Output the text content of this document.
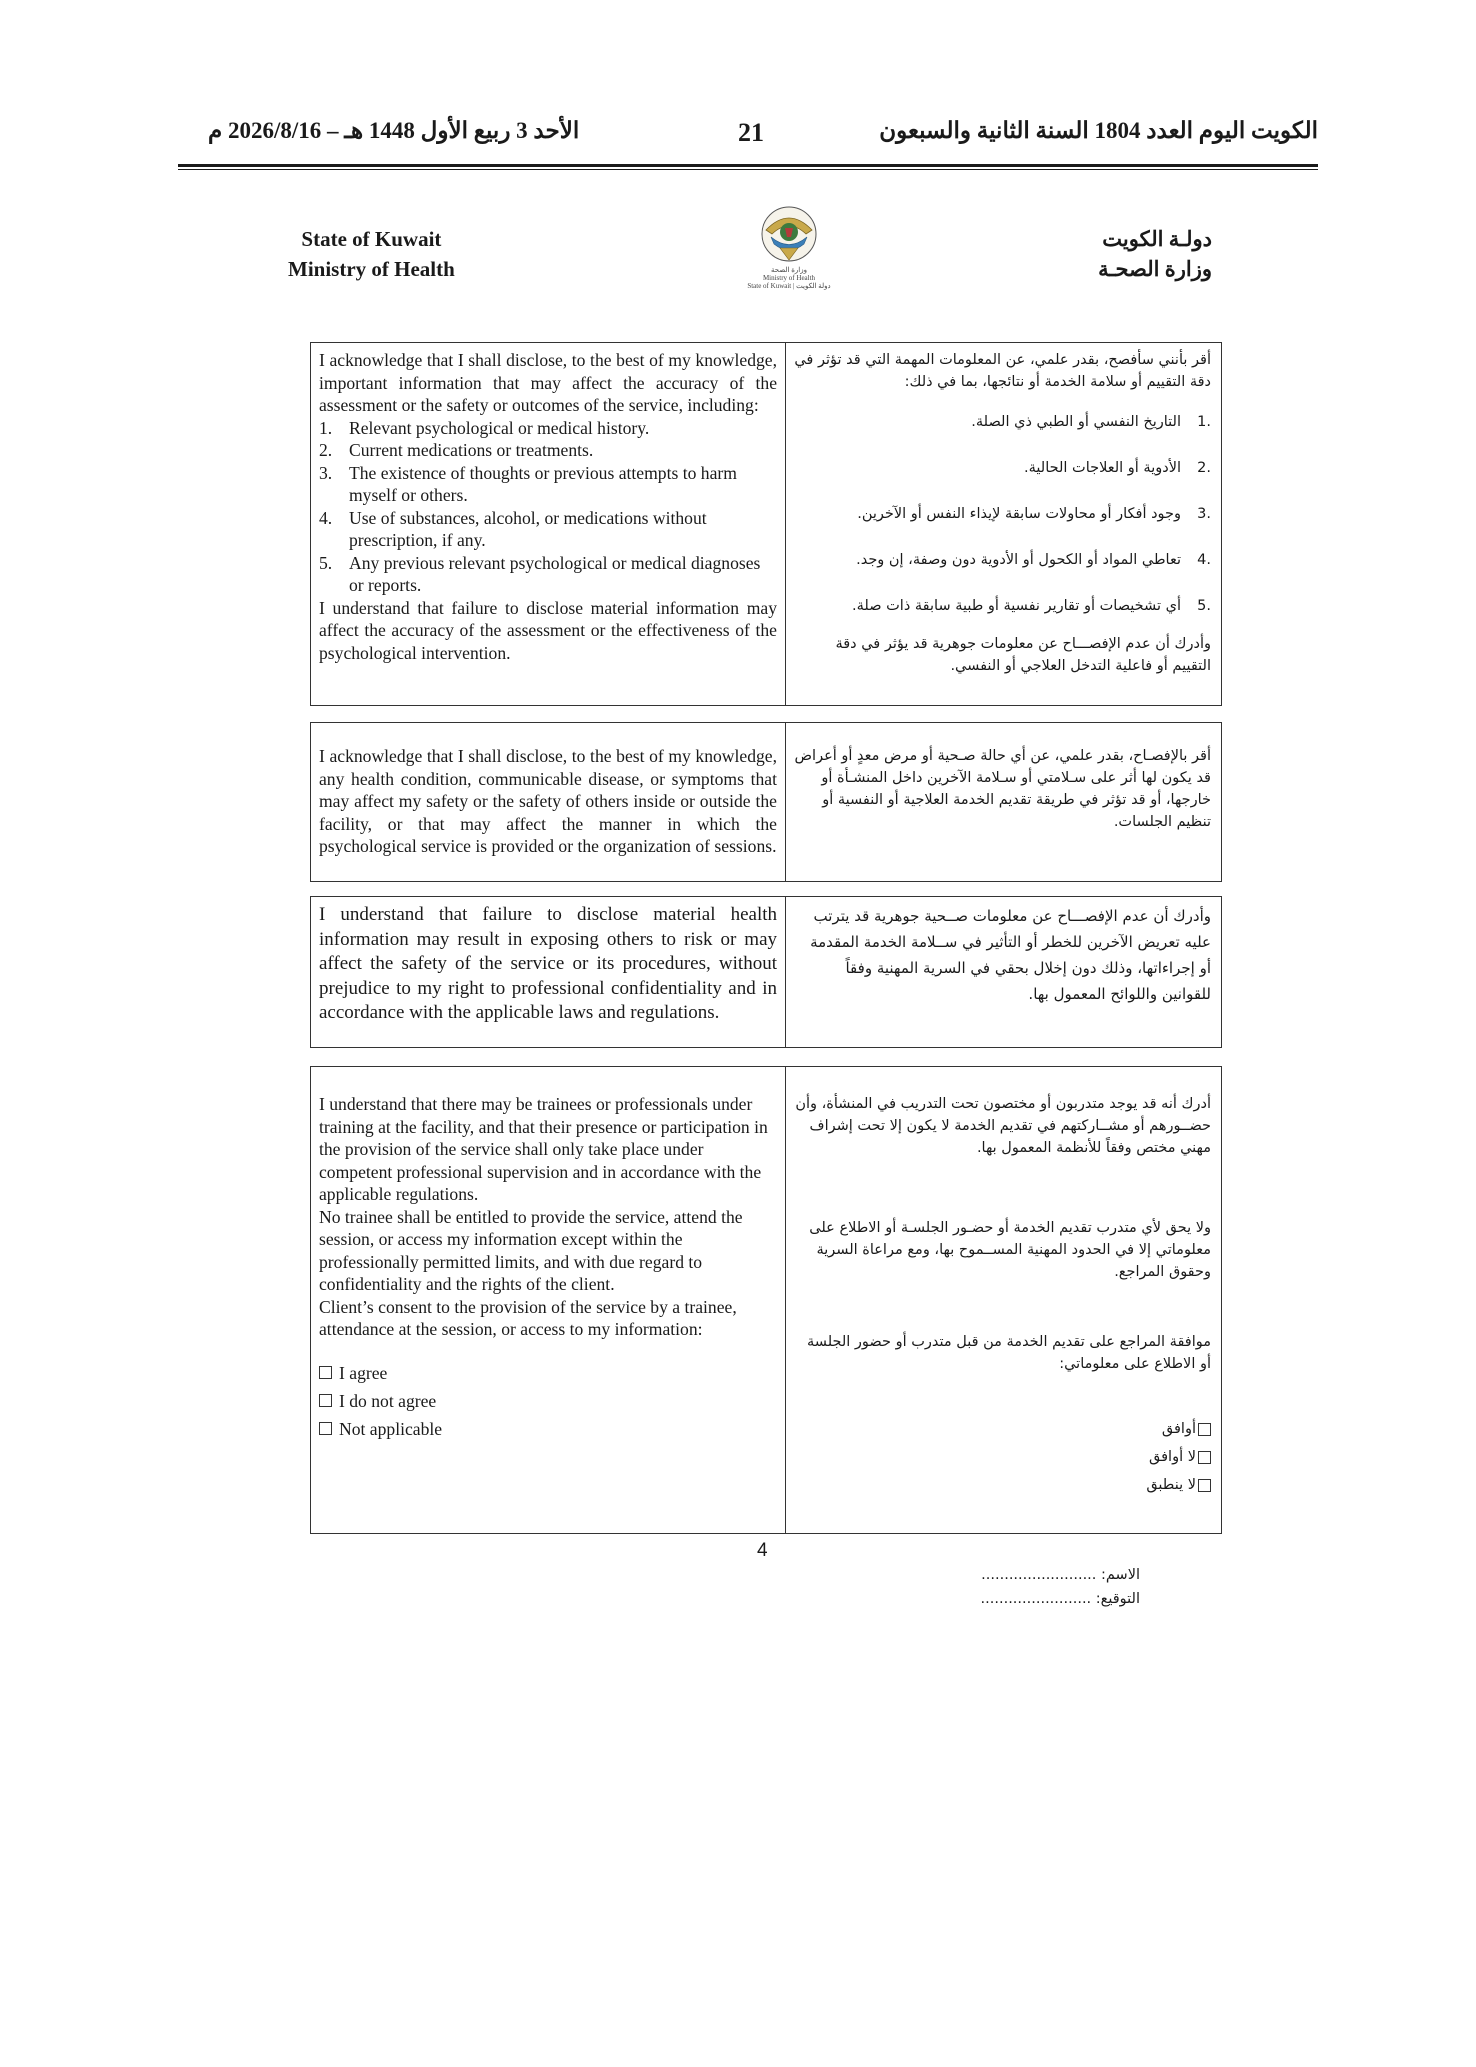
الأحد 3 ربيع الأول 1448 هـ – 2026/8/16 م	21	الكويت اليوم العدد 1804 السنة الثانية والسبعون
State of Kuwait
Ministry of Health	وزارة الصحة
Ministry of Health
State of Kuwait | دولة الكويت
دولـة الكويت
وزارة الصحـة

I acknowledge that I shall disclose, to the best of my knowledge, important information that may affect the accuracy of the assessment or the safety or outcomes of the service, including:

1. Relevant psychological or medical history.
2. Current medications or treatments.
3. The existence of thoughts or previous attempts to harm myself or others.
4. Use of substances, alcohol, or medications without prescription, if any.
5. Any previous relevant psychological or medical diagnoses or reports.

I understand that failure to disclose material information may affect the accuracy of the assessment or the effectiveness of the psychological intervention.

أقر بأنني سأفصح، بقدر علمي، عن المعلومات المهمة التي قد تؤثر في دقة التقييم أو سلامة الخدمة أو نتائجها، بما في ذلك:

.1
التاريخ النفسي أو الطبي ذي الصلة.
.2
الأدوية أو العلاجات الحالية.
.3
وجود أفكار أو محاولات سابقة لإيذاء النفس أو الآخرين.
.4
تعاطي المواد أو الكحول أو الأدوية دون وصفة، إن وجد.
.5
أي تشخيصات أو تقارير نفسية أو طبية سابقة ذات صلة.

وأدرك أن عدم الإفصـــاح عن معلومات جوهرية قد يؤثر في دقة التقييم أو فاعلية التدخل العلاجي أو النفسي.

I acknowledge that I shall disclose, to the best of my knowledge, any health condition, communicable disease, or symptoms that may affect my safety or the safety of others inside or outside the facility, or that may affect the manner in which the psychological service is provided or the organization of sessions.

أقر بالإفصـاح، بقدر علمي، عن أي حالة صـحية أو مرض معدٍ أو أعراض قد يكون لها أثر على سـلامتي أو سـلامة الآخرين داخل المنشـأة أو خارجها، أو قد تؤثر في طريقة تقديم الخدمة العلاجية أو النفسية أو تنظيم الجلسات.

I understand that failure to disclose material health information may result in exposing others to risk or may affect the safety of the service or its procedures, without prejudice to my right to professional confidentiality and in accordance with the applicable laws and regulations.

وأدرك أن عدم الإفصـــاح عن معلومات صــحية جوهرية قد يترتب عليه تعريض الآخرين للخطر أو التأثير في ســلامة الخدمة المقدمة أو إجراءاتها، وذلك دون إخلال بحقي في السرية المهنية وفقاً للقوانين واللوائح المعمول بها.

I understand that there may be trainees or professionals under training at the facility, and that their presence or participation in the provision of the service shall only take place under competent professional supervision and in accordance with the applicable regulations.

No trainee shall be entitled to provide the service, attend the session, or access my information except within the professionally permitted limits, and with due regard to confidentiality and the rights of the client.

Client’s consent to the provision of the service by a trainee, attendance at the session, or access to my information:

I agree
I do not agree
Not applicable

أدرك أنه قد يوجد متدربون أو مختصون تحت التدريب في المنشأة، وأن حضــورهم أو مشــاركتهم في تقديم الخدمة لا يكون إلا تحت إشراف مهني مختص وفقاً للأنظمة المعمول بها.

ولا يحق لأي متدرب تقديم الخدمة أو حضـور الجلسـة أو الاطلاع على معلوماتي إلا في الحدود المهنية المســموح بها، ومع مراعاة السرية وحقوق المراجع.

موافقة المراجع على تقديم الخدمة من قبل متدرب أو حضور الجلسة أو الاطلاع على معلوماتي:

أوافق
لا أوافق
لا ينطبق
4
الاسم: .........................
التوقيع: ........................
